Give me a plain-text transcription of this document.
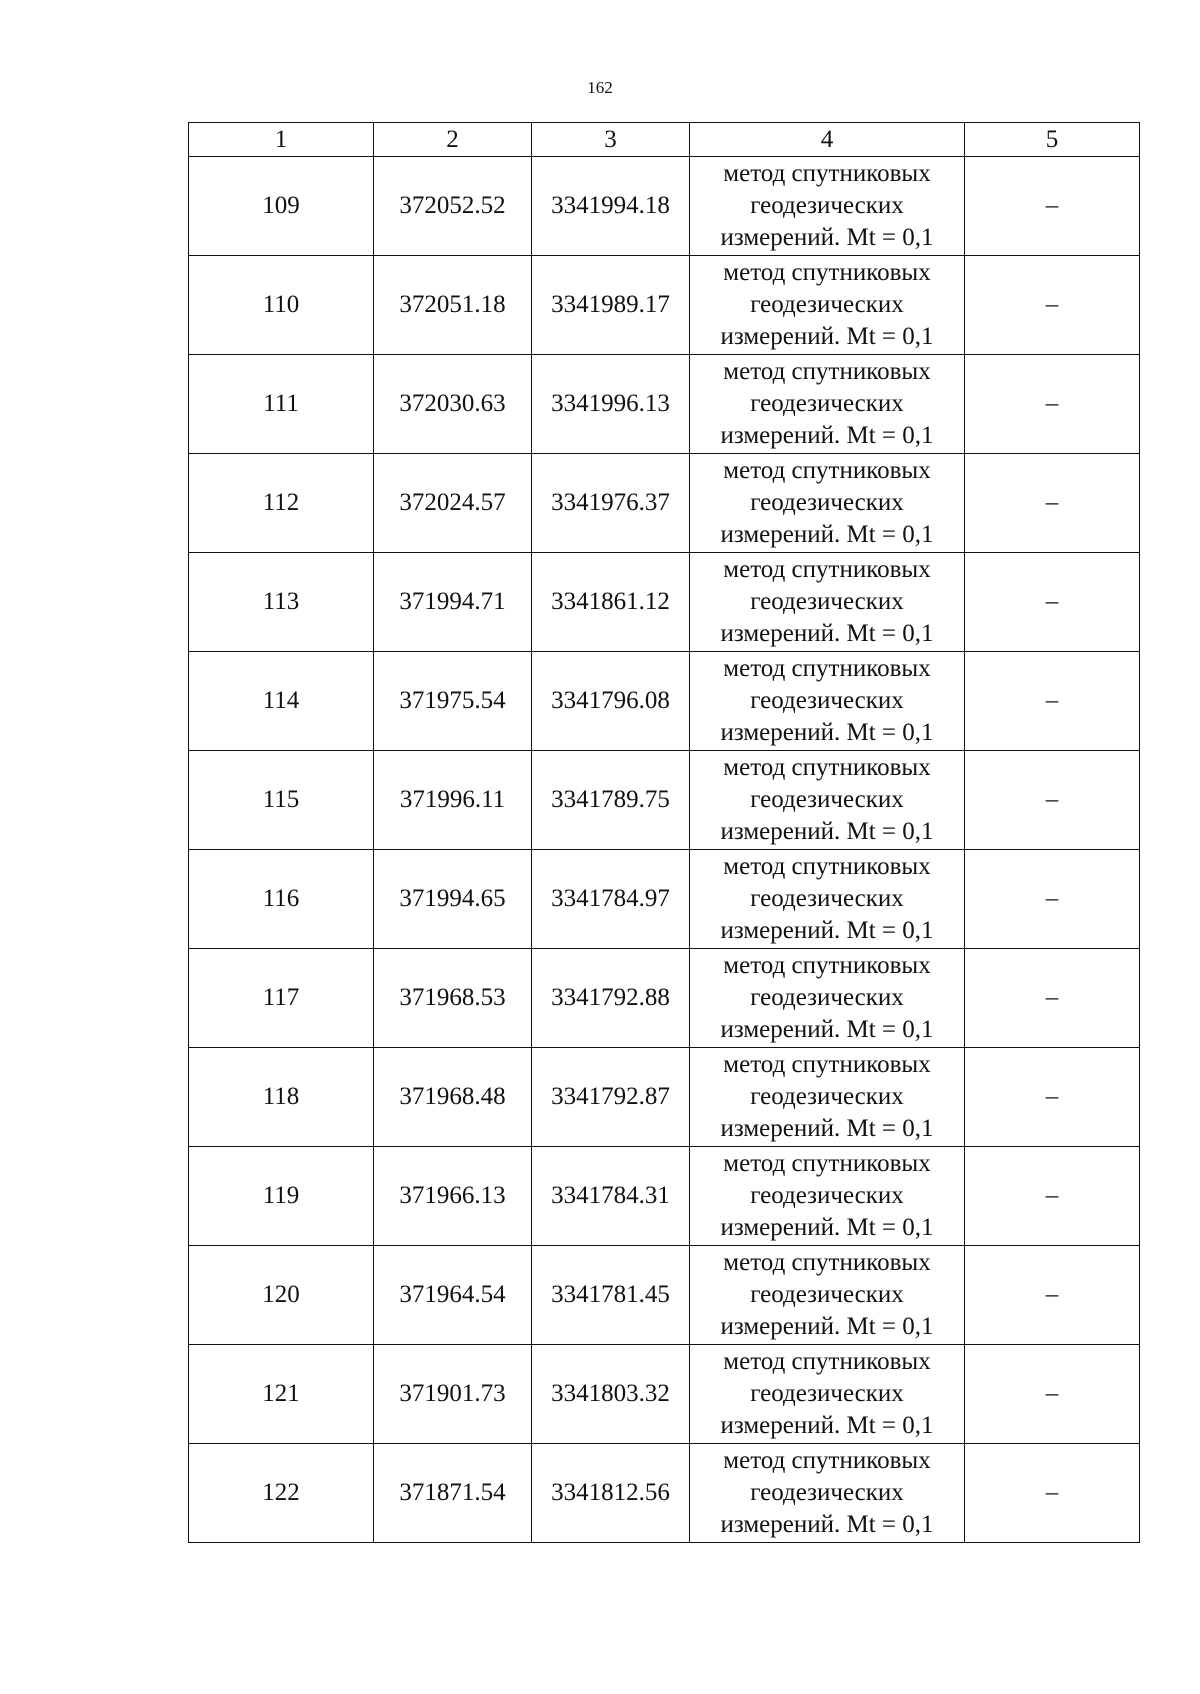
162
1	2	3	4	5
109	372052.52	3341994.18	метод спутниковых
геодезических
измерений. Mt = 0,1	–
110	372051.18	3341989.17	метод спутниковых
геодезических
измерений. Mt = 0,1	–
111	372030.63	3341996.13	метод спутниковых
геодезических
измерений. Mt = 0,1	–
112	372024.57	3341976.37	метод спутниковых
геодезических
измерений. Mt = 0,1	–
113	371994.71	3341861.12	метод спутниковых
геодезических
измерений. Mt = 0,1	–
114	371975.54	3341796.08	метод спутниковых
геодезических
измерений. Mt = 0,1	–
115	371996.11	3341789.75	метод спутниковых
геодезических
измерений. Mt = 0,1	–
116	371994.65	3341784.97	метод спутниковых
геодезических
измерений. Mt = 0,1	–
117	371968.53	3341792.88	метод спутниковых
геодезических
измерений. Mt = 0,1	–
118	371968.48	3341792.87	метод спутниковых
геодезических
измерений. Mt = 0,1	–
119	371966.13	3341784.31	метод спутниковых
геодезических
измерений. Mt = 0,1	–
120	371964.54	3341781.45	метод спутниковых
геодезических
измерений. Mt = 0,1	–
121	371901.73	3341803.32	метод спутниковых
геодезических
измерений. Mt = 0,1	–
122	371871.54	3341812.56	метод спутниковых
геодезических
измерений. Mt = 0,1	–
